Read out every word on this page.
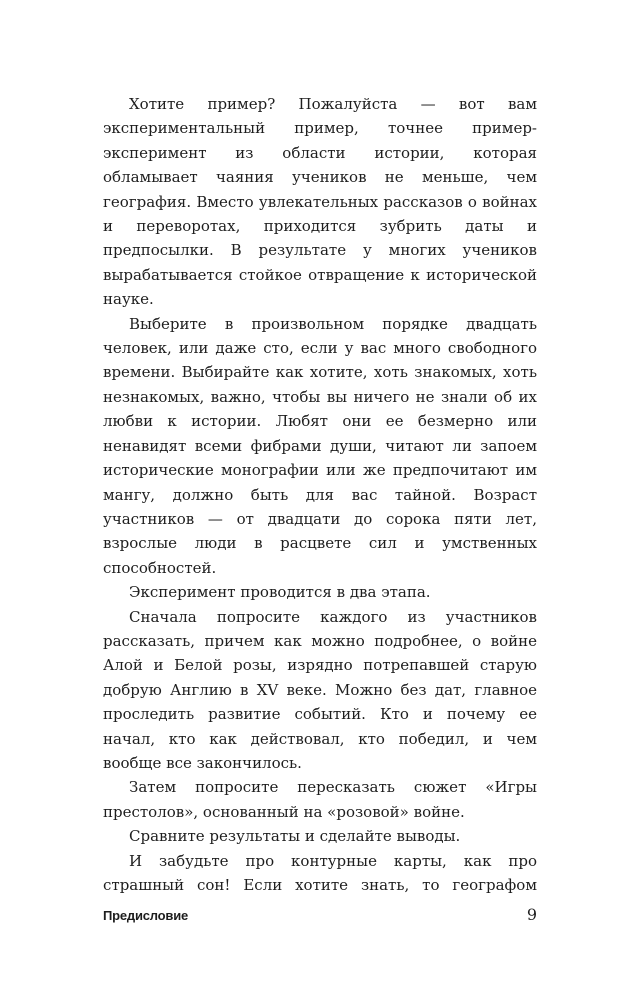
Хотите пример? Пожалуйста — вот вам экспериментальный пример, точнее пример-эксперимент из области истории, которая обламывает чаяния учеников не меньше, чем география. Вместо увлекательных рассказов о войнах и переворотах, приходится зубрить даты и предпосылки. В результате у многих учеников вырабатывается стойкое отвращение к исторической науке.

Выберите в произвольном порядке двадцать человек, или даже сто, если у вас много свободного времени. Выбирайте как хотите, хоть знакомых, хоть незнакомых, важно, чтобы вы ничего не знали об их любви к истории. Любят они ее безмерно или ненавидят всеми фибрами души, читают ли запоем исторические монографии или же предпочитают им мангу, должно быть для вас тайной. Возраст участников — от двадцати до сорока пяти лет, взрослые люди в расцвете сил и умственных способностей.

Эксперимент проводится в два этапа.

Сначала попросите каждого из участников рассказать, причем как можно подробнее, о войне Алой и Белой розы, изрядно потрепавшей старую добрую Англию в XV веке. Можно без дат, главное проследить развитие событий. Кто и почему ее начал, кто как действовал, кто победил, и чем вообще все закончилось.

Затем попросите пересказать сюжет «Игры престолов», основанный на «розовой» войне.

Сравните результаты и сделайте выводы.

И забудьте про контурные карты, как про страшный сон! Если хотите знать, то географом

Предисловие	9
